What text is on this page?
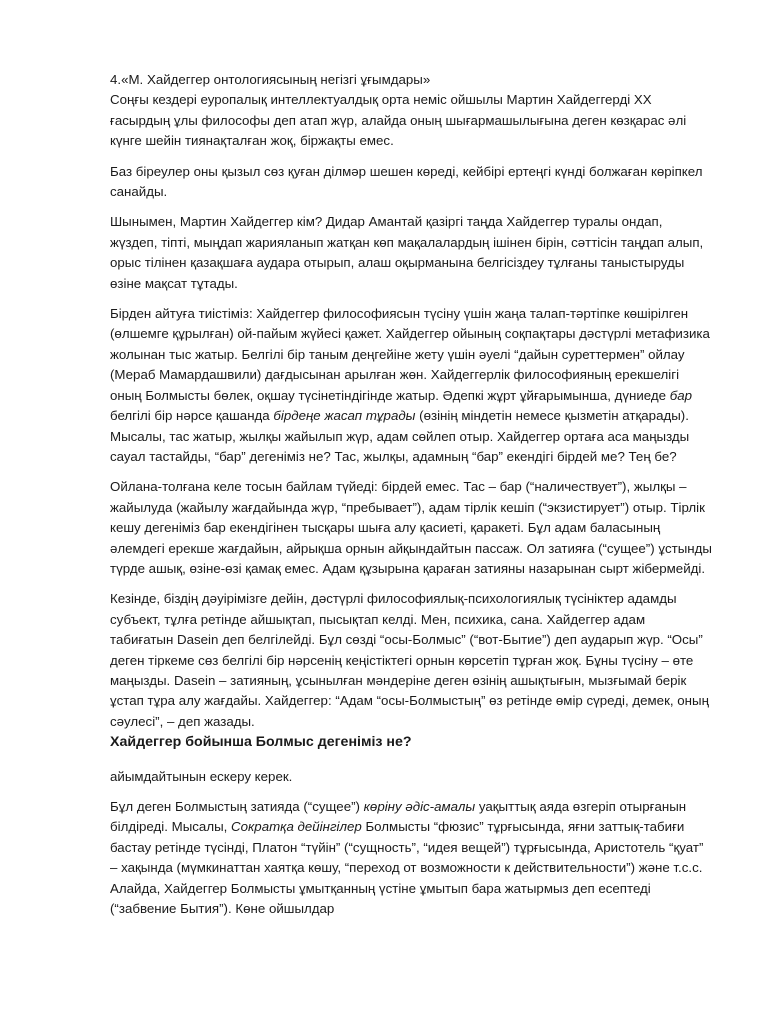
4.«М. Хайдеггер онтологиясының негізгі ұғымдары»

Соңғы кездері еуропалық интеллектуалдық орта неміс ойшылы Мартин Хайдеггерді ХХ ғасырдың ұлы философы деп атап жүр, алайда оның шығармашылығына деген көзқарас әлі күнге шейін тиянақталған жоқ, біржақты емес.

Баз біреулер оны қызыл сөз қуған ділмәр шешен көреді, кейбірі ертеңгі күнді болжаған көріпкел санайды.

Шынымен, Мартин Хайдеггер кім? Дидар Амантай қазіргі таңда Хайдеггер туралы ондап, жүздеп, тіпті, мыңдап жарияланып жатқан көп мақалалардың ішінен бірін, сәттісін таңдап алып, орыс тілінен қазақшаға аудара отырып, алаш оқырманына белгісіздеу тұлғаны таныстыруды өзіне мақсат тұтады.

Бірден айтуға тиістіміз: Хайдеггер философиясын түсіну үшін жаңа талап-тәртіпке көшірілген (өлшемге құрылған) ой-пайым жүйесі қажет. Хайдеггер ойының соқпақтары дәстүрлі метафизика жолынан тыс жатыр. Белгілі бір таным деңгейіне жету үшін әуелі “дайын суреттермен” ойлау (Мераб Мамардашвили) дағдысынан арылған жөн. Хайдеггерлік философияның ерекшелігі оның Болмысты бөлек, оқшау түсінетіндігінде жатыр. Әдепкі жұрт ұйғарымынша, дүниеде бар белгілі бір нәрсе қашанда бірдеңе жасап тұрады (өзінің міндетін немесе қызметін атқарады). Мысалы, тас жатыр, жылқы жайылып жүр, адам сөйлеп отыр. Хайдеггер ортаға аса маңызды сауал тастайды, “бар” дегеніміз не? Тас, жылқы, адамның “бар” екендігі бірдей ме? Тең бе?

Ойлана-толғана келе тосын байлам түйеді: бірдей емес. Тас – бар (“наличествует”), жылқы – жайылуда (жайылу жағдайында жүр, “пребывает”), адам тірлік кешіп (“экзистирует”) отыр. Тірлік кешу дегеніміз бар екендігінен тысқары шыға алу қасиеті, қаракеті. Бұл адам баласының әлемдегі ерекше жағдайын, айрықша орнын айқындайтын пассаж. Ол затияға (“сущее”) ұстынды түрде ашық, өзіне-өзі қамақ емес. Адам құзырына қараған затияны назарынан сырт жібермейді.

Кезінде, біздің дәуірімізге дейін, дәстүрлі философиялық-психологиялық түсініктер адамды субъект, тұлға ретінде айшықтап, пысықтап келді. Мен, психика, сана. Хайдеггер адам табиғатын Dasein деп белгілейді. Бұл сөзді “осы-Болмыс” (“вот-Бытие”) деп аударып жүр. “Осы” деген тіркеме сөз белгілі бір нәрсенің кеңістіктегі орнын көрсетіп тұрған жоқ. Бұны түсіну – өте маңызды. Dasein – затияның, ұсынылған мәндеріне деген өзінің ашықтығын, мызғымай берік ұстап тұра алу жағдайы. Хайдеггер: “Адам “осы-Болмыстың” өз ретінде өмір сүреді, демек, оның сәулесі”, – деп жазады.

Хайдеггер бойынша Болмыс дегеніміз не?

айымдайтынын ескеру керек.

Бұл деген Болмыстың затияда (“сущее”) көріну әдіс-амалы уақыттық аяда өзгеріп отырғанын білдіреді. Мысалы, Сократқа дейінгілер Болмысты “фюзис” тұрғысында, яғни заттық-табиғи бастау ретінде түсінді, Платон “түйін” (“сущность”, “идея вещей”) тұрғысында, Аристотель “қуат” – хақында (мүмкинаттан хаятқа көшу, “переход от возможности к действительности”) және т.с.с. Алайда, Хайдеггер Болмысты ұмытқанның үстіне ұмытып бара жатырмыз деп есептеді (“забвение Бытия”). Көне ойшылдар
